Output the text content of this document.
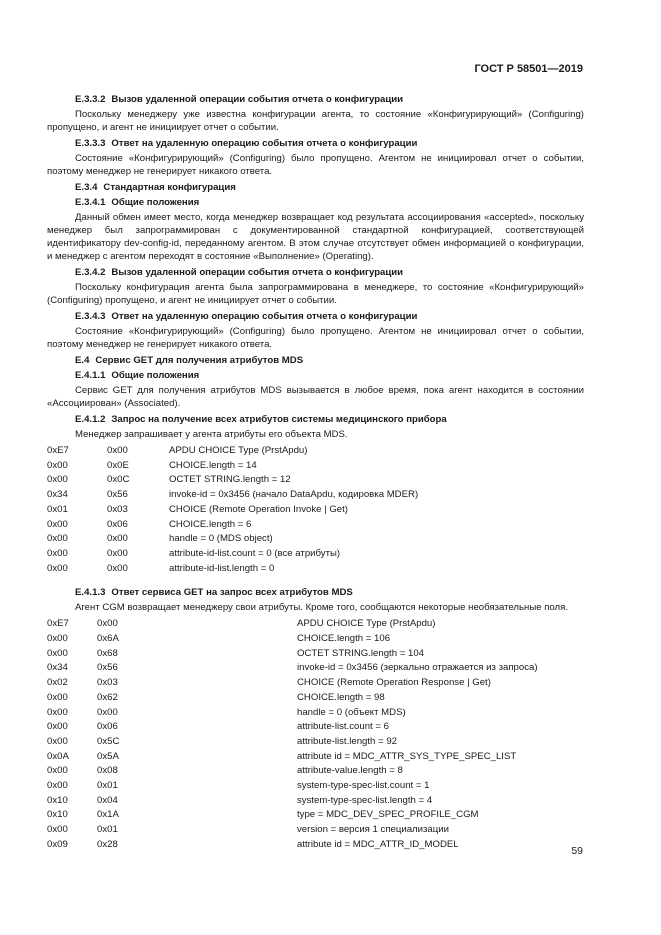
ГОСТ Р 58501—2019
E.3.3.2 Вызов удаленной операции события отчета о конфигурации
Поскольку менеджеру уже известна конфигурации агента, то состояние «Конфигурирующий» (Configuring) пропущено, и агент не инициирует отчет о событии.
E.3.3.3 Ответ на удаленную операцию события отчета о конфигурации
Состояние «Конфигурирующий» (Configuring) было пропущено. Агентом не инициировал отчет о событии, поэтому менеджер не генерирует никакого ответа.
E.3.4 Стандартная конфигурация
E.3.4.1 Общие положения
Данный обмен имеет место, когда менеджер возвращает код результата ассоциирования «accepted», поскольку менеджер был запрограммирован с документированной стандартной конфигурацией, соответствующей идентификатору dev-config-id, переданному агентом. В этом случае отсутствует обмен информацией о конфигурации, и менеджер с агентом переходят в состояние «Выполнение» (Operating).
E.3.4.2 Вызов удаленной операции события отчета о конфигурации
Поскольку конфигурация агента была запрограммирована в менеджере, то состояние «Конфигурирующий» (Configuring) пропущено, и агент не инициирует отчет о событии.
E.3.4.3 Ответ на удаленную операцию события отчета о конфигурации
Состояние «Конфигурирующий» (Configuring) было пропущено. Агентом не инициировал отчет о событии, поэтому менеджер не генерирует никакого ответа.
E.4 Сервис GET для получения атрибутов MDS
E.4.1.1 Общие положения
Сервис GET для получения атрибутов MDS вызывается в любое время, пока агент находится в состоянии «Ассоциирован» (Associated).
E.4.1.2 Запрос на получение всех атрибутов системы медицинского прибора
Менеджер запрашивает у агента атрибуты его объекта MDS.
0xE7	0x00	APDU CHOICE Type (PrstApdu)
0x00	0x0E	CHOICE.length = 14
0x00	0x0C	OCTET STRING.length = 12
0x34	0x56	invoke-id = 0x3456 (начало DataApdu, кодировка MDER)
0x01	0x03	CHOICE (Remote Operation Invoke | Get)
0x00	0x06	CHOICE.length = 6
0x00	0x00	handle = 0 (MDS object)
0x00	0x00	attribute-id-list.count = 0 (все атрибуты)
0x00	0x00	attribute-id-list.length = 0
E.4.1.3 Ответ сервиса GET на запрос всех атрибутов MDS
Агент CGM возвращает менеджеру свои атрибуты. Кроме того, сообщаются некоторые необязательные поля.
0xE7	0x00	APDU CHOICE Type (PrstApdu)
0x00	0x6A	CHOICE.length = 106
0x00	0x68	OCTET STRING.length = 104
0x34	0x56	invoke-id = 0x3456 (зеркально отражается из запроса)
0x02	0x03	CHOICE (Remote Operation Response | Get)
0x00	0x62	CHOICE.length = 98
0x00	0x00	handle = 0 (объект MDS)
0x00	0x06	attribute-list.count = 6
0x00	0x5C	attribute-list.length = 92
0x0A	0x5A	attribute id = MDC_ATTR_SYS_TYPE_SPEC_LIST
0x00	0x08	attribute-value.length = 8
0x00	0x01	system-type-spec-list.count = 1
0x10	0x04	system-type-spec-list.length = 4
0x10	0x1A	type = MDC_DEV_SPEC_PROFILE_CGM
0x00	0x01	version = версия 1 специализации
0x09	0x28	attribute id = MDC_ATTR_ID_MODEL
59
